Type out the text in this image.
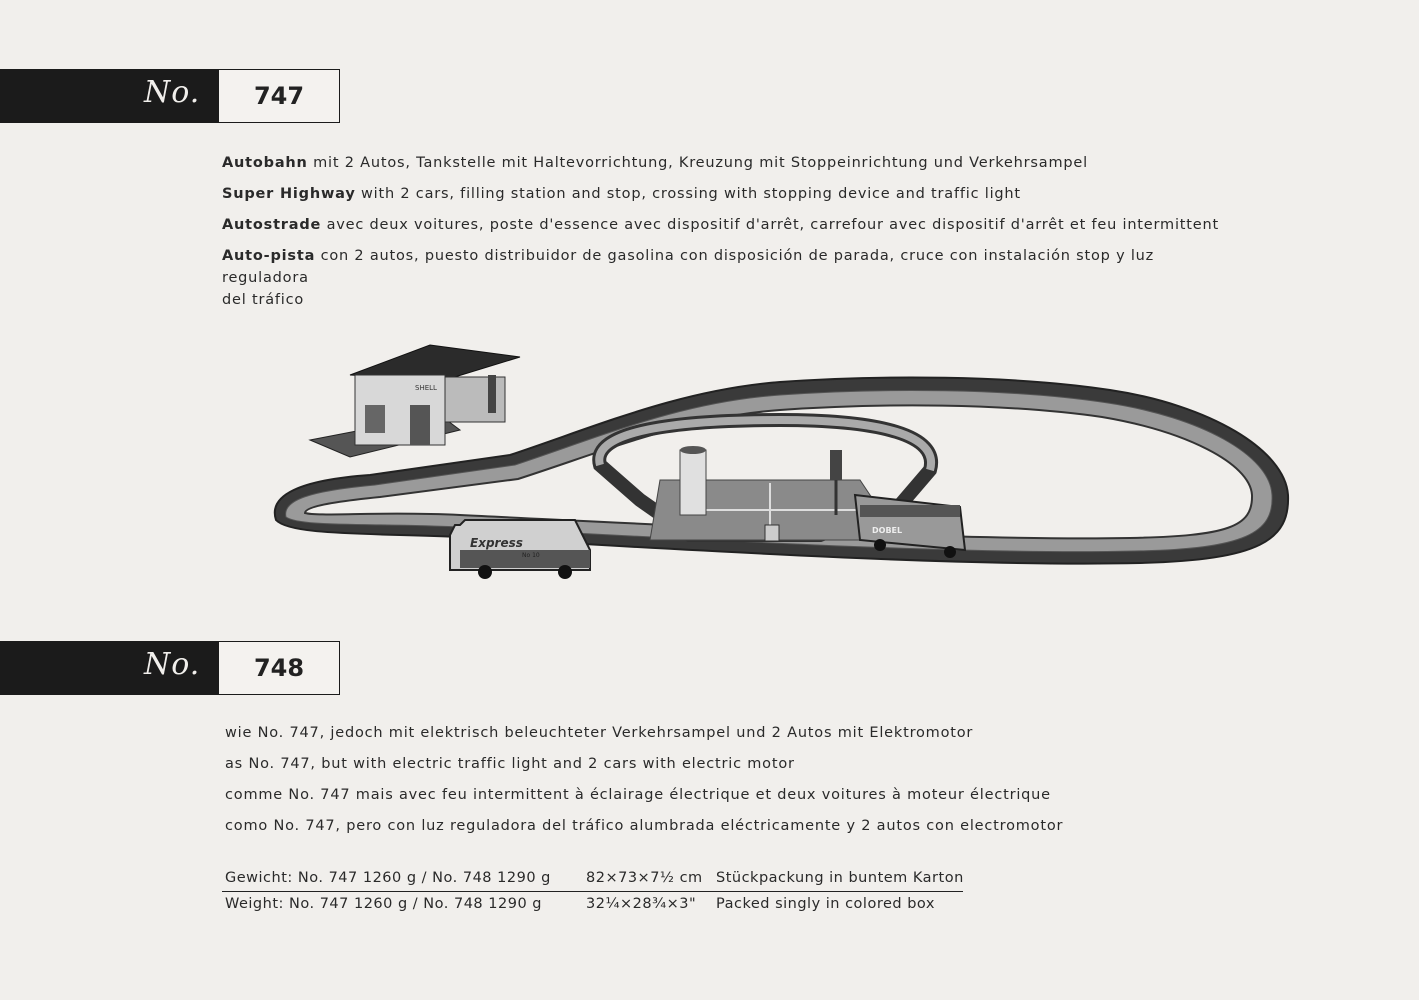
No.	747
Autobahn mit 2 Autos, Tankstelle mit Haltevorrichtung, Kreuzung mit Stoppeinrichtung und Verkehrsampel
Super Highway with 2 cars, filling station and stop, crossing with stopping device and traffic light
Autostrade avec deux voitures, poste d'essence avec dispositif d'arrêt, carrefour avec dispositif d'arrêt et feu intermittent
Auto-pista con 2 autos, puesto distribuidor de gasolina con disposición de parada, cruce con instalación stop y luz reguladora
del tráfico
SHELL
Express
No 10
DOBEL
No.	748
wie No. 747, jedoch mit elektrisch beleuchteter Verkehrsampel und 2 Autos mit Elektromotor
as No. 747, but with electric traffic light and 2 cars with electric motor
comme No. 747 mais avec feu intermittent à éclairage électrique et deux voitures à moteur électrique
como No. 747, pero con luz reguladora del tráfico alumbrada eléctricamente y 2 autos con electromotor
Gewicht: No. 747 1260 g / No. 748 1290 g 82×73×7½ cm Stückpackung in buntem Karton
Weight: No. 747 1260 g / No. 748 1290 g	32¼×28¾×3" Packed singly in colored box
